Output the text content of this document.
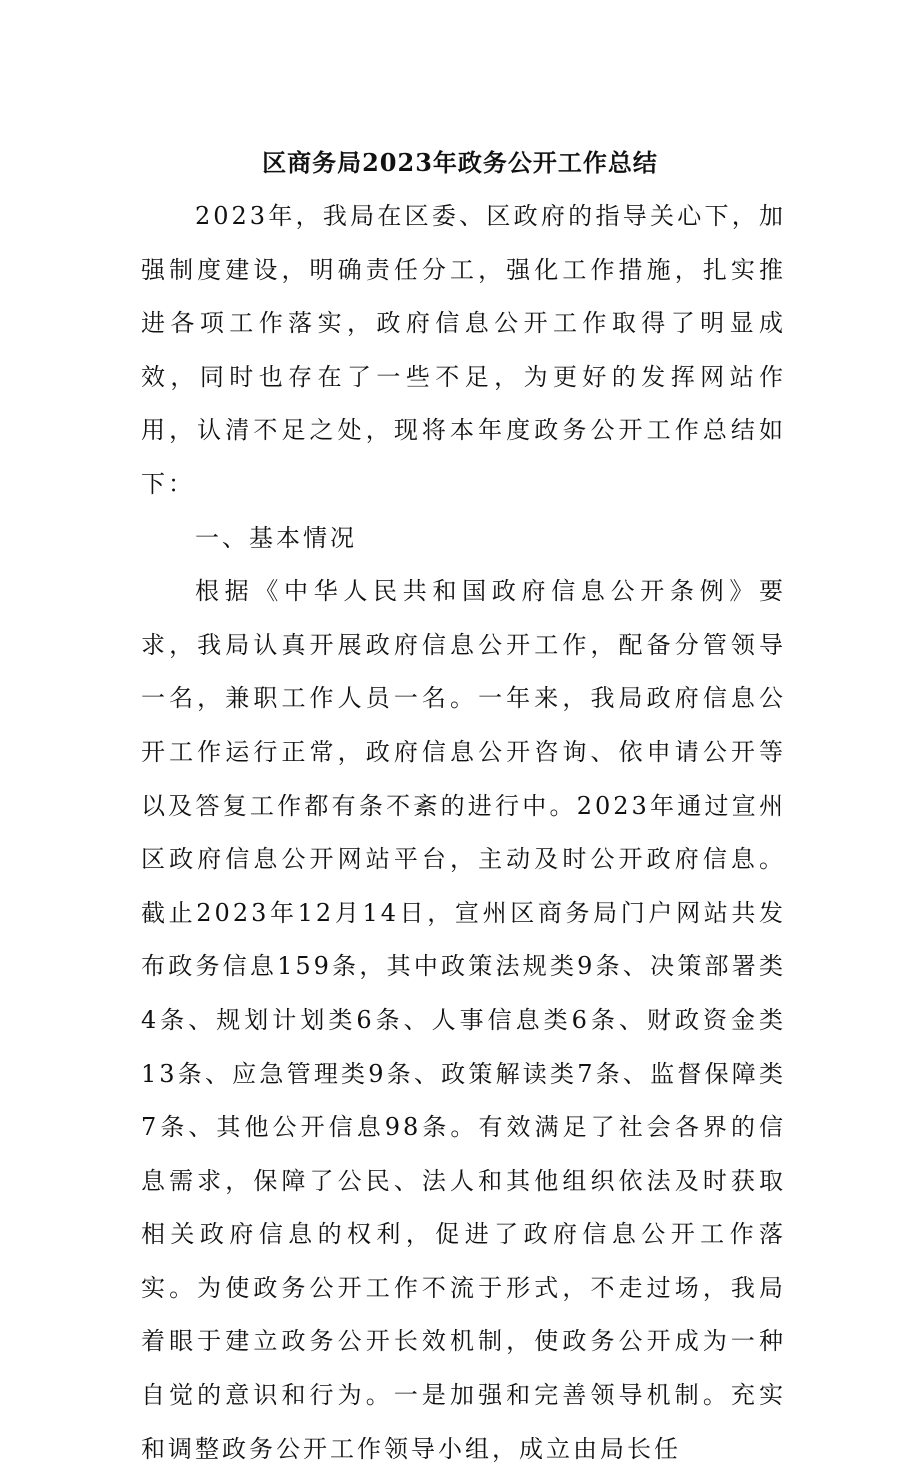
区商务局2023年政务公开工作总结

2023年，我局在区委、区政府的指导关心下，加强制度建设，明确责任分工，强化工作措施，扎实推进各项工作落实，政府信息公开工作取得了明显成效，同时也存在了一些不足，为更好的发挥网站作用，认清不足之处，现将本年度政务公开工作总结如下：

一、基本情况

根据《中华人民共和国政府信息公开条例》要求，我局认真开展政府信息公开工作，配备分管领导一名，兼职工作人员一名。一年来，我局政府信息公开工作运行正常，政府信息公开咨询、依申请公开等以及答复工作都有条不紊的进行中。2023年通过宣州区政府信息公开网站平台，主动及时公开政府信息。截止2023年12月14日，宣州区商务局门户网站共发布政务信息159条，其中政策法规类9条、决策部署类4条、规划计划类6条、人事信息类6条、财政资金类13条、应急管理类9条、政策解读类7条、监督保障类7条、其他公开信息98条。有效满足了社会各界的信息需求，保障了公民、法人和其他组织依法及时获取相关政府信息的权利，促进了政府信息公开工作落实。为使政务公开工作不流于形式，不走过场，我局着眼于建立政务公开长效机制，使政务公开成为一种自觉的意识和行为。一是加强和完善领导机制。充实和调整政务公开工作领导小组，成立由局长任
